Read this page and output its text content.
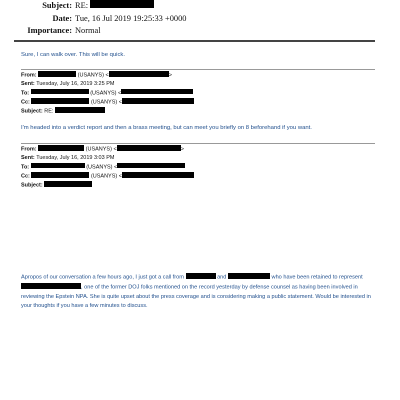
Subject: RE:
Date: Tue, 16 Jul 2019 19:25:33 +0000
Importance: Normal
Sure, I can walk over. This will be quick.
From:	(USANYS) <	>
Sent: Tuesday, July 16, 2019 3:25 PM
To:	(USANYS) <
Cc:	(USANYS) <
Subject: RE:
I'm headed into a verdict report and then a brass meeting, but can meet you briefly on 8 beforehand if you want.
From:	(USANYS) <	>
Sent: Tuesday, July 16, 2019 3:03 PM
To:	(USANYS) <
Cc:	(USANYS) <
Subject:
Apropos of our conversation a few hours ago, I just got a call from	and	who have been retained to represent , one of the former DOJ folks mentioned on the record yesterday by defense counsel as having been involved in reviewing the Epstein NPA. She is quite upset about the press coverage and is considering making a public statement. Would be interested in your thoughts if you have a few minutes to discuss.
